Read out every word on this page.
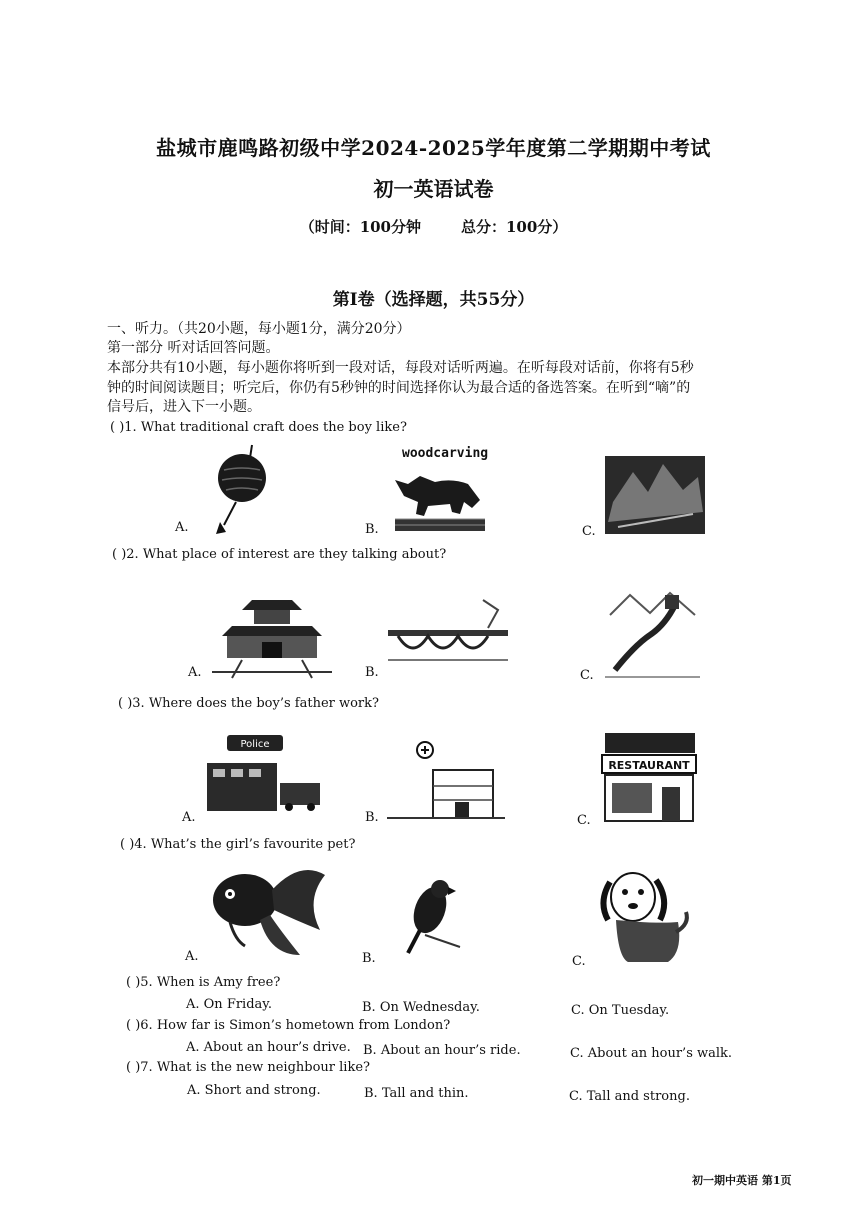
盐城市鹿鸣路初级中学2024-2025学年度第二学期期中考试
初一英语试卷
（时间：100分钟	总分：100分）
第Ⅰ卷（选择题，共55分）
一、听力。（共20小题，每小题1分，满分20分）
第一部分 听对话回答问题。
本部分共有10小题，每小题你将听到一段对话，每段对话听两遍。在听每段对话前，你将有5秒
钟的时间阅读题目；听完后，你仍有5秒钟的时间选择你认为最合适的备选答案。在听到“嘀”的
信号后，进入下一小题。
( )1. What traditional craft does the boy like?
A.
woodcarving
B.	C.
( )2. What place of interest are they talking about?
A.	B.	C.
( )3. Where does the boy’s father work?
Police
A.	B.
RESTAURANT
C.
( )4. What’s the girl’s favourite pet?
A.	B.	C.
( )5. When is Amy free?
A. On Friday.	B. On Wednesday.	C. On Tuesday.
( )6. How far is Simon’s hometown from London?
A. About an hour’s drive. B. About an hour’s ride.	C. About an hour’s walk.
( )7. What is the new neighbour like?
A. Short and strong.	B. Tall and thin.	C. Tall and strong.
初一期中英语 第1页
